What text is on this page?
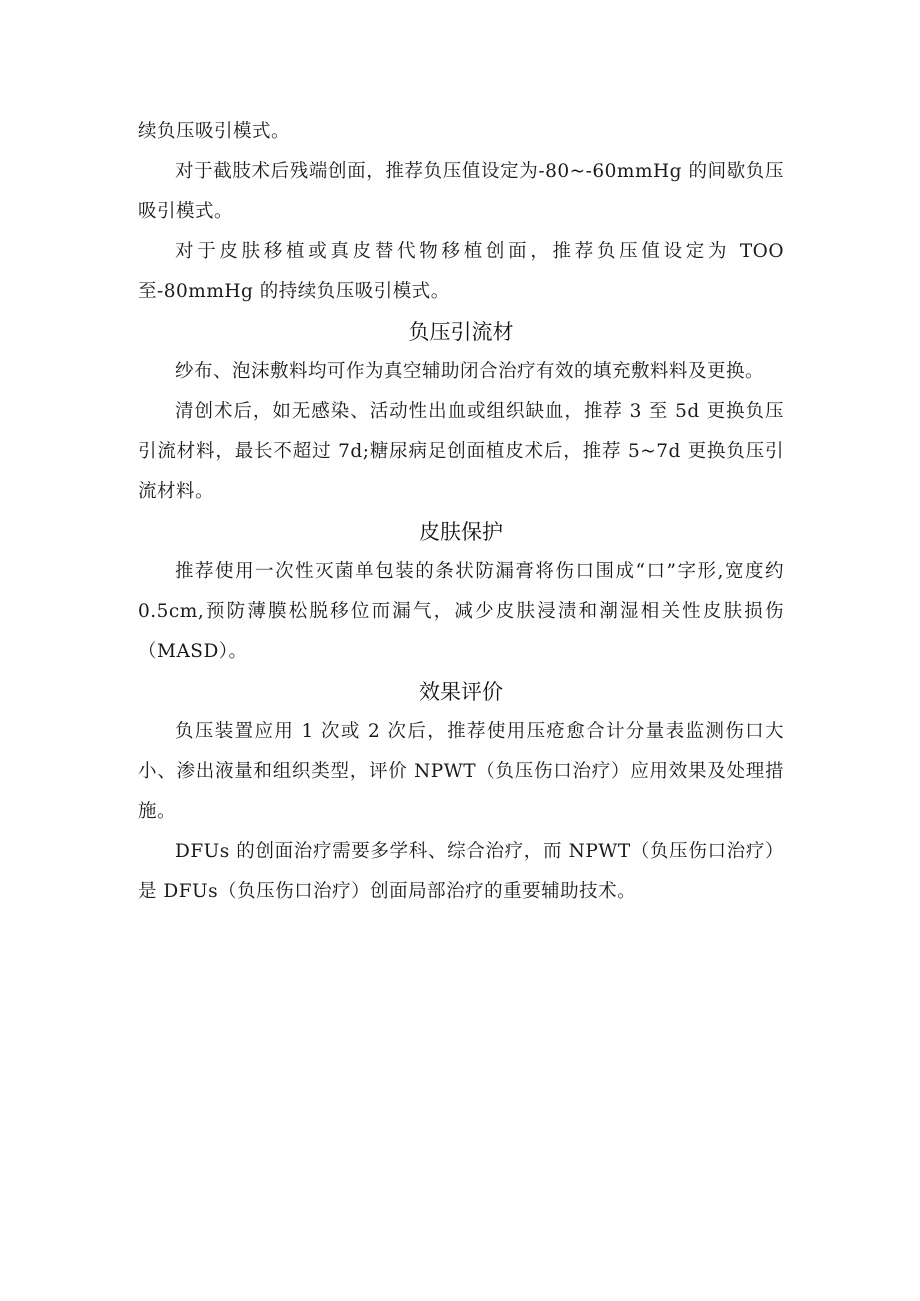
续负压吸引模式。

对于截肢术后残端创面，推荐负压值设定为-80~-60mmHg 的间歇负压吸引模式。

对于皮肤移植或真皮替代物移植创面，推荐负压值设定为 TOO 至-80mmHg 的持续负压吸引模式。

负压引流材

纱布、泡沫敷料均可作为真空辅助闭合治疗有效的填充敷料料及更换。

清创术后，如无感染、活动性出血或组织缺血，推荐 3 至 5d 更换负压引流材料，最长不超过 7d;糖尿病足创面植皮术后，推荐 5~7d 更换负压引流材料。

皮肤保护

推荐使用一次性灭菌单包装的条状防漏膏将伤口围成“口”字形,宽度约 0.5cm,预防薄膜松脱移位而漏气，减少皮肤浸渍和潮湿相关性皮肤损伤（MASD）。

效果评价

负压装置应用 1 次或 2 次后，推荐使用压疮愈合计分量表监测伤口大小、渗出液量和组织类型，评价 NPWT（负压伤口治疗）应用效果及处理措施。

DFUs 的创面治疗需要多学科、综合治疗，而 NPWT（负压伤口治疗）是 DFUs（负压伤口治疗）创面局部治疗的重要辅助技术。
